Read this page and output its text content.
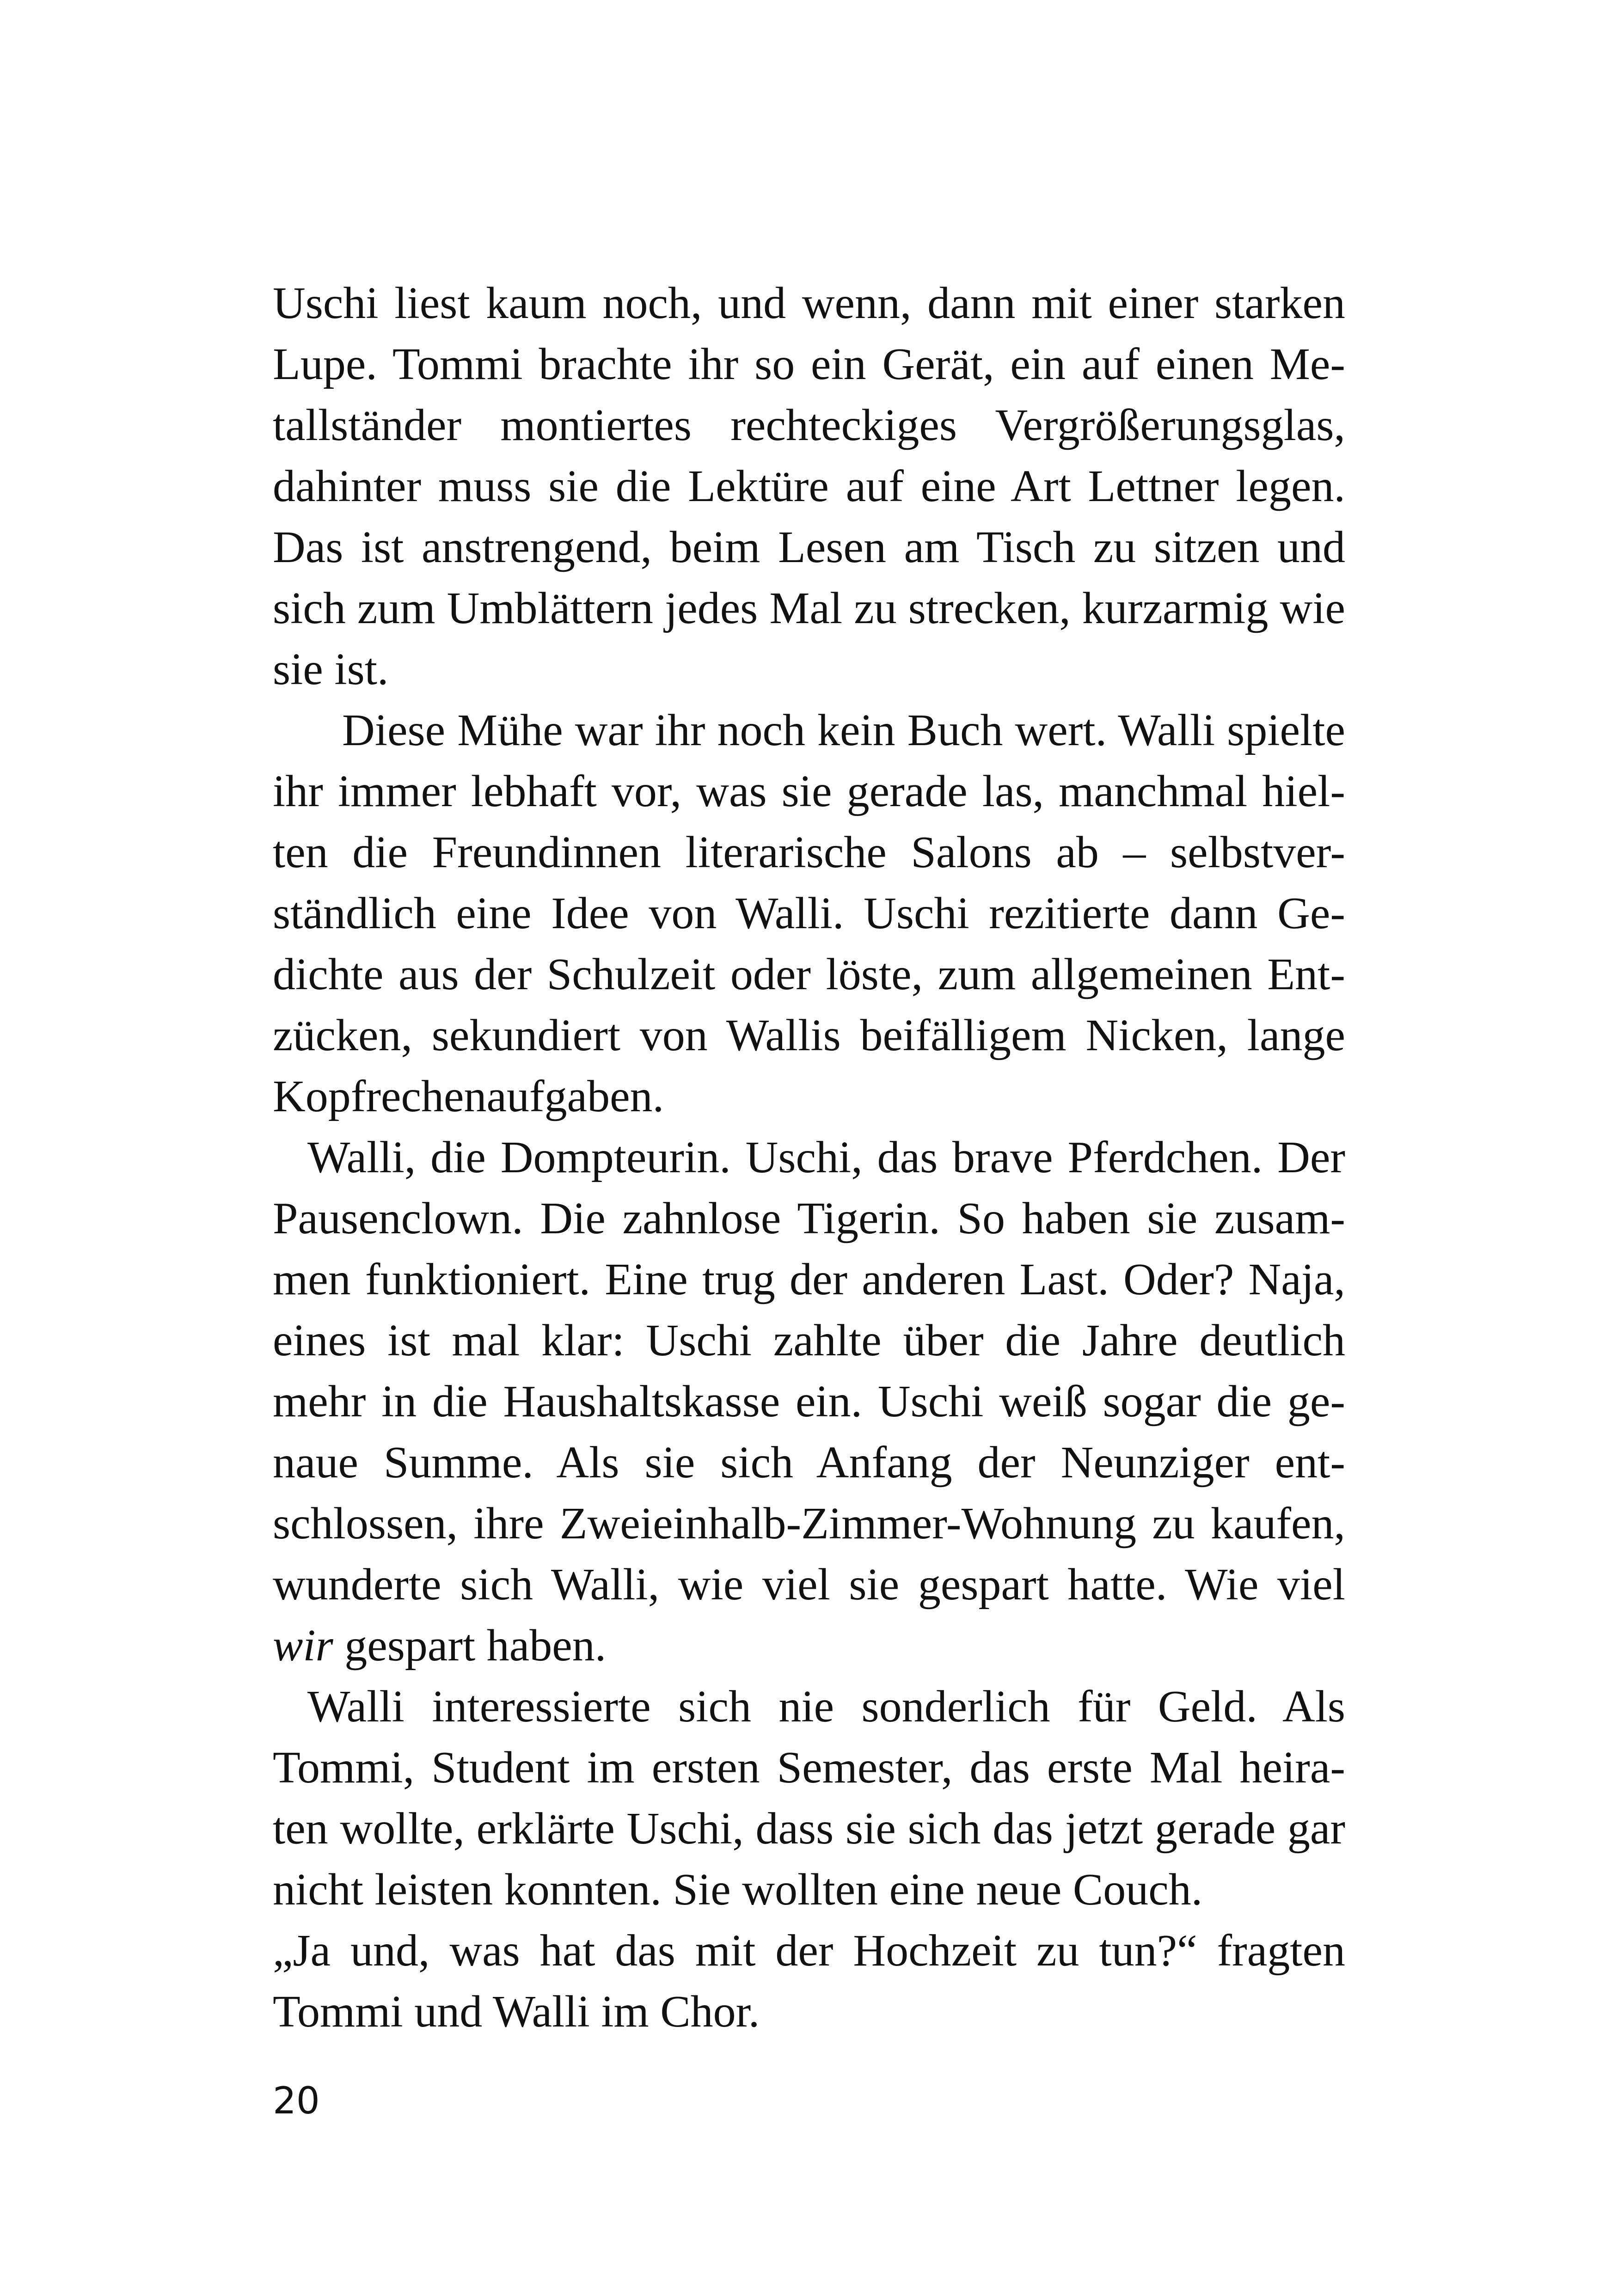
Uschi liest kaum noch, und wenn, dann mit einer starken
Lupe. Tommi brachte ihr so ein Gerät, ein auf einen Me-
tallständer montiertes rechteckiges Vergrößerungsglas,
dahinter muss sie die Lektüre auf eine Art Lettner legen.
Das ist anstrengend, beim Lesen am Tisch zu sitzen und
sich zum Umblättern jedes Mal zu strecken, kurzarmig wie
sie ist.
Diese Mühe war ihr noch kein Buch wert. Walli spielte
ihr immer lebhaft vor, was sie gerade las, manchmal hiel-
ten die Freundinnen literarische Salons ab – selbstver-
ständlich eine Idee von Walli. Uschi rezitierte dann Ge-
dichte aus der Schulzeit oder löste, zum allgemeinen Ent-
zücken, sekundiert von Wallis beifälligem Nicken, lange
Kopfrechenaufgaben.
Walli, die Dompteurin. Uschi, das brave Pferdchen. Der
Pausenclown. Die zahnlose Tigerin. So haben sie zusam-
men funktioniert. Eine trug der anderen Last. Oder? Naja,
eines ist mal klar: Uschi zahlte über die Jahre deutlich
mehr in die Haushaltskasse ein. Uschi weiß sogar die ge-
naue Summe. Als sie sich Anfang der Neunziger ent-
schlossen, ihre Zweieinhalb-Zimmer-Wohnung zu kaufen,
wunderte sich Walli, wie viel sie gespart hatte. Wie viel
wir gespart haben.
Walli interessierte sich nie sonderlich für Geld. Als
Tommi, Student im ersten Semester, das erste Mal heira-
ten wollte, erklärte Uschi, dass sie sich das jetzt gerade gar
nicht leisten konnten. Sie wollten eine neue Couch.
„Ja und, was hat das mit der Hochzeit zu tun?“ fragten
Tommi und Walli im Chor.
20
